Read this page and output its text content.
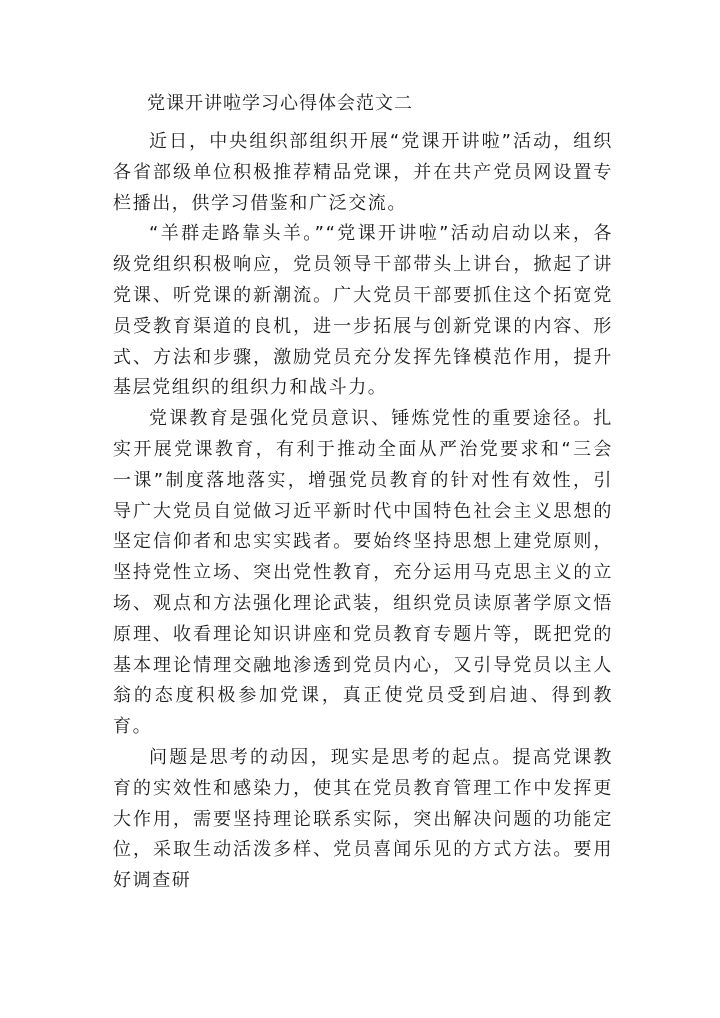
党课开讲啦学习心得体会范文二

近日，中央组织部组织开展“党课开讲啦”活动，组织各省部级单位积极推荐精品党课，并在共产党员网设置专栏播出，供学习借鉴和广泛交流。

“羊群走路靠头羊。”“党课开讲啦”活动启动以来，各级党组织积极响应，党员领导干部带头上讲台，掀起了讲党课、听党课的新潮流。广大党员干部要抓住这个拓宽党员受教育渠道的良机，进一步拓展与创新党课的内容、形式、方法和步骤，激励党员充分发挥先锋模范作用，提升基层党组织的组织力和战斗力。

党课教育是强化党员意识、锤炼党性的重要途径。扎实开展党课教育，有利于推动全面从严治党要求和“三会一课”制度落地落实，增强党员教育的针对性有效性，引导广大党员自觉做习近平新时代中国特色社会主义思想的坚定信仰者和忠实实践者。要始终坚持思想上建党原则，坚持党性立场、突出党性教育，充分运用马克思主义的立场、观点和方法强化理论武装，组织党员读原著学原文悟原理、收看理论知识讲座和党员教育专题片等，既把党的基本理论情理交融地渗透到党员内心，又引导党员以主人翁的态度积极参加党课，真正使党员受到启迪、得到教育。

问题是思考的动因，现实是思考的起点。提高党课教育的实效性和感染力，使其在党员教育管理工作中发挥更大作用，需要坚持理论联系实际，突出解决问题的功能定位，采取生动活泼多样、党员喜闻乐见的方式方法。要用好调查研
